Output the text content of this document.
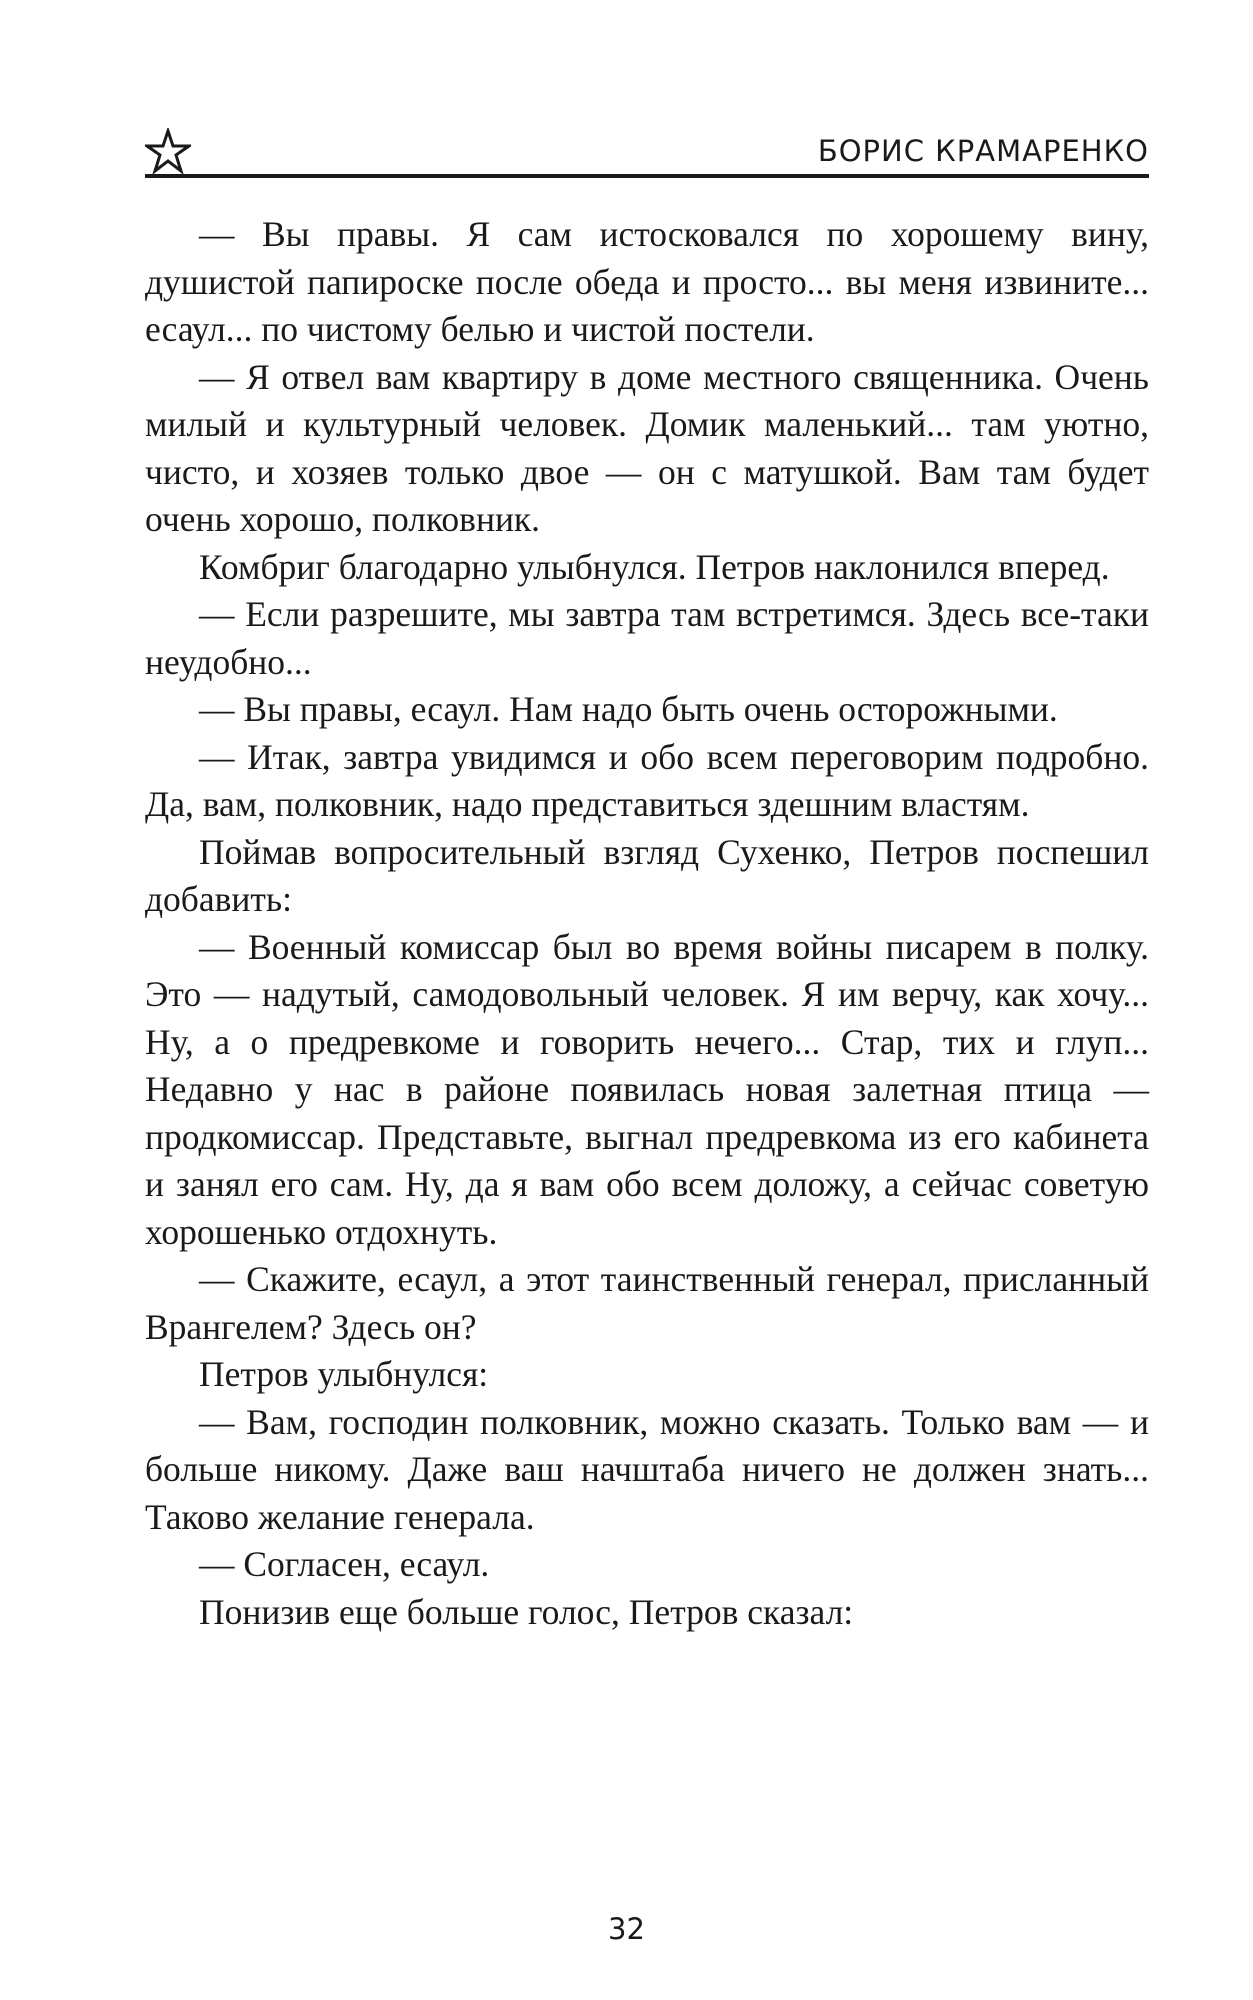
БОРИС КРАМАРЕНКО

— Вы правы. Я сам истосковался по хорошему вину, душистой папироске после обеда и просто... вы меня извините... есаул... по чистому белью и чистой постели.

— Я отвел вам квартиру в доме местного священника. Очень милый и культурный человек. Домик маленький... там уютно, чисто, и хозяев только двое — он с матушкой. Вам там будет очень хорошо, полковник.

Комбриг благодарно улыбнулся. Петров наклонился вперед.

— Если разрешите, мы завтра там встретимся. Здесь все-таки неудобно...

— Вы правы, есаул. Нам надо быть очень осторожными.

— Итак, завтра увидимся и обо всем переговорим подробно. Да, вам, полковник, надо представиться здешним властям.

Поймав вопросительный взгляд Сухенко, Петров поспешил добавить:

— Военный комиссар был во время войны писарем в полку. Это — надутый, самодовольный человек. Я им верчу, как хочу... Ну, а о предревкоме и говорить нечего... Стар, тих и глуп... Недавно у нас в районе появилась новая залетная птица — продкомиссар. Представьте, выгнал предревкома из его кабинета и занял его сам. Ну, да я вам обо всем доложу, а сейчас советую хорошенько отдохнуть.

— Скажите, есаул, а этот таинственный генерал, присланный Врангелем? Здесь он?

Петров улыбнулся:

— Вам, господин полковник, можно сказать. Только вам — и больше никому. Даже ваш начштаба ничего не должен знать... Таково желание генерала.

— Согласен, есаул.

Понизив еще больше голос, Петров сказал:

32
